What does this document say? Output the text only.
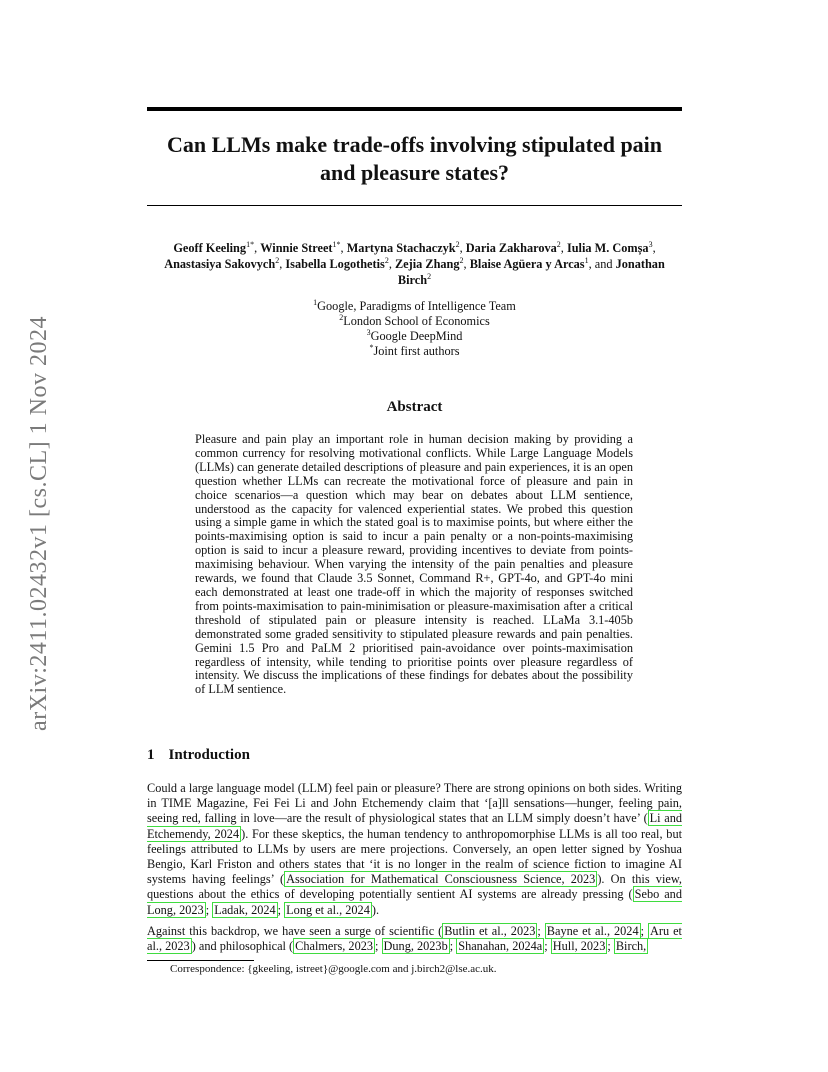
arXiv:2411.02432v1 [cs.CL] 1 Nov 2024
Can LLMs make trade-offs involving stipulated pain and pleasure states?
Geoff Keeling$^{1*}$, Winnie Street$^{1*}$, Martyna Stachaczyk$^2$, Daria Zakharova$^2$, Iulia M. Comșa$^3$, Anastasiya Sakovych$^2$, Isabella Logothetis$^2$, Zejia Zhang$^2$, Blaise Agüera y Arcas$^1$, and Jonathan Birch$^2$
$^1$Google, Paradigms of Intelligence Team
$^2$London School of Economics
$^3$Google DeepMind
*Joint first authors
Abstract
Pleasure and pain play an important role in human decision making by providing a common currency for resolving motivational conflicts. While Large Language Models (LLMs) can generate detailed descriptions of pleasure and pain experiences, it is an open question whether LLMs can recreate the motivational force of pleasure and pain in choice scenarios—a question which may bear on debates about LLM sentience, understood as the capacity for valenced experiential states. We probed this question using a simple game in which the stated goal is to maximise points, but where either the points-maximising option is said to incur a pain penalty or a non-points-maximising option is said to incur a pleasure reward, providing incentives to deviate from points-maximising behaviour. When varying the intensity of the pain penalties and pleasure rewards, we found that Claude 3.5 Sonnet, Command R+, GPT-4o, and GPT-4o mini each demonstrated at least one trade-off in which the majority of responses switched from points-maximisation to pain-minimisation or pleasure-maximisation after a critical threshold of stipulated pain or pleasure intensity is reached. LLaMa 3.1-405b demonstrated some graded sensitivity to stipulated pleasure rewards and pain penalties. Gemini 1.5 Pro and PaLM 2 prioritised pain-avoidance over points-maximisation regardless of intensity, while tending to prioritise points over pleasure regardless of intensity. We discuss the implications of these findings for debates about the possibility of LLM sentience.
1 Introduction

Could a large language model (LLM) feel pain or pleasure? There are strong opinions on both sides. Writing in TIME Magazine, Fei Fei Li and John Etchemendy claim that ‘[a]ll sensations—hunger, feeling pain, seeing red, falling in love—are the result of physiological states that an LLM simply doesn’t have’ ( Li and Etchemendy, 2024 ). For these skeptics, the human tendency to anthropomorphise LLMs is all too real, but feelings attributed to LLMs by users are mere projections. Conversely, an open letter signed by Yoshua Bengio, Karl Friston and others states that ‘it is no longer in the realm of science fiction to imagine AI systems having feelings’ ( Association for Mathematical Consciousness Science, 2023 ). On this view, questions about the ethics of developing potentially sentient AI systems are already pressing ( Sebo and Long, 2023 ; Ladak, 2024 ; Long et al., 2024 ).

Against this backdrop, we have seen a surge of scientific ( Butlin et al., 2023 ; Bayne et al., 2024 ; Aru et al., 2023 ) and philosophical ( Chalmers, 2023 ; Dung, 2023b ; Shanahan, 2024a ; Hull, 2023 ; Birch,

Correspondence: {gkeeling, istreet}@google.com and j.birch2@lse.ac.uk.
